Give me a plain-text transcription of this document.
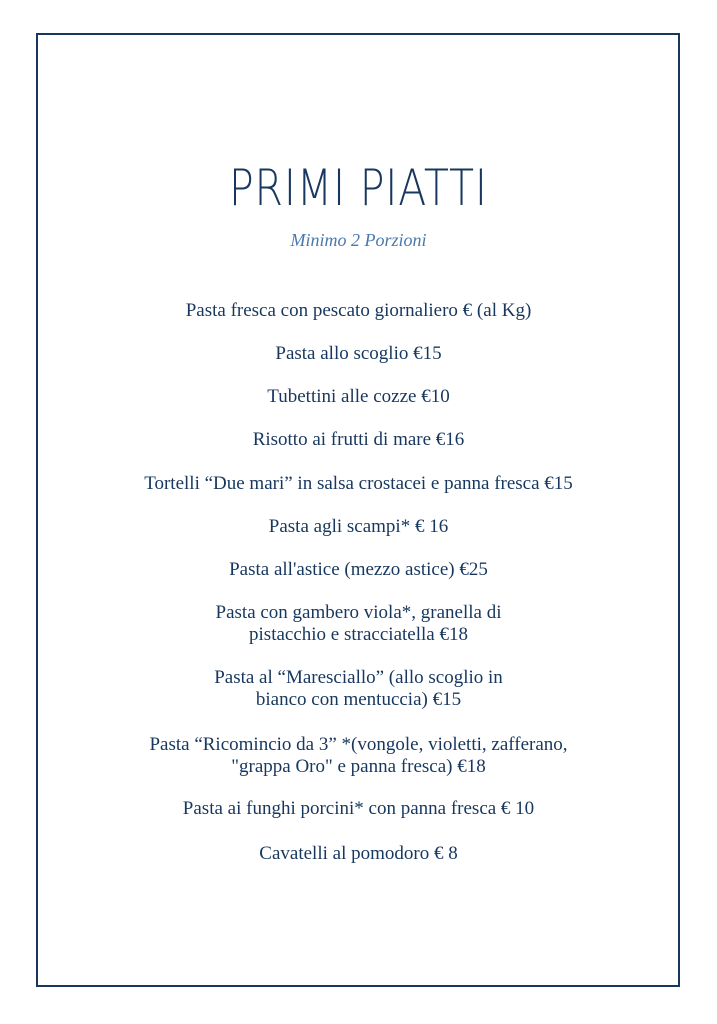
PRIMI PIATTI
Minimo 2 Porzioni
Pasta fresca con pescato giornaliero € (al Kg)
Pasta allo scoglio €15
Tubettini alle cozze €10
Risotto ai frutti di mare €16
Tortelli “Due mari” in salsa crostacei e panna fresca €15
Pasta agli scampi* € 16
Pasta all'astice (mezzo astice) €25
Pasta con gambero viola*, granella di
pistacchio e stracciatella €18
Pasta al “Maresciallo” (allo scoglio in
bianco con mentuccia) €15
Pasta “Ricomincio da 3” *(vongole, violetti, zafferano,
"grappa Oro" e panna fresca) €18
Pasta ai funghi porcini* con panna fresca € 10
Cavatelli al pomodoro € 8
